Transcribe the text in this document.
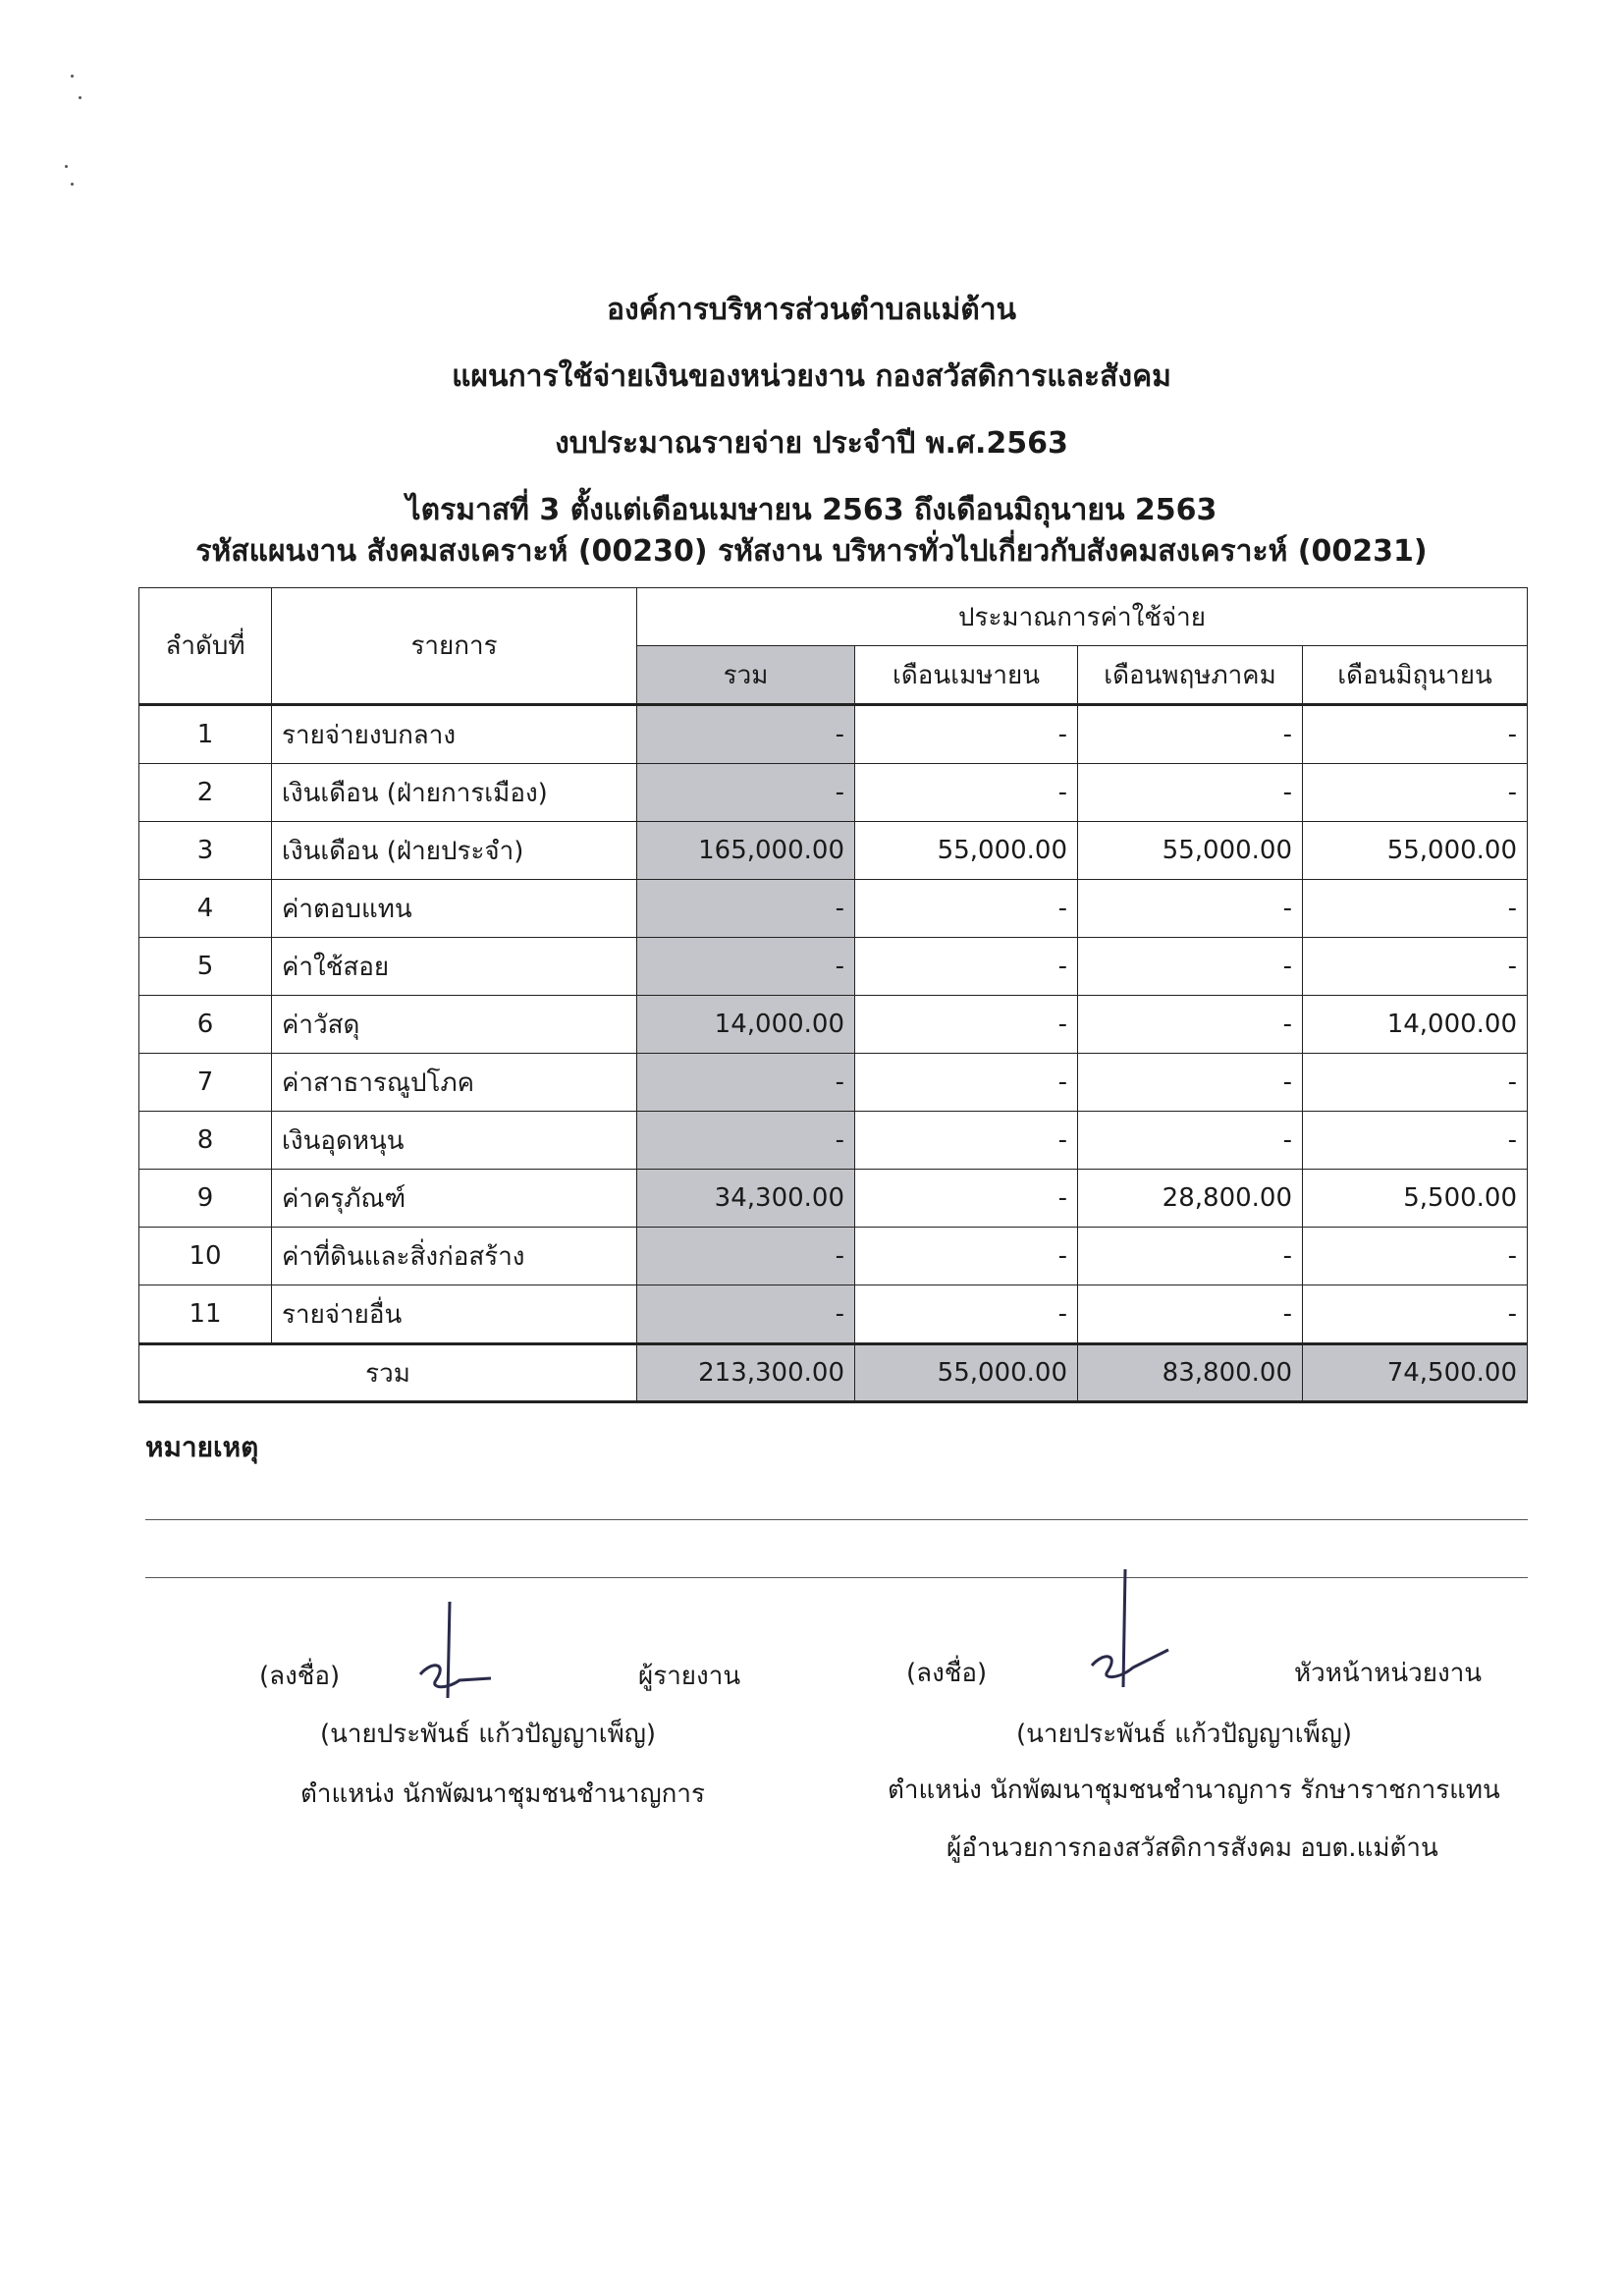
องค์การบริหารส่วนตำบลแม่ต้าน
แผนการใช้จ่ายเงินของหน่วยงาน กองสวัสดิการและสังคม
งบประมาณรายจ่าย ประจำปี พ.ศ.2563
ไตรมาสที่ 3 ตั้งแต่เดือนเมษายน 2563 ถึงเดือนมิถุนายน 2563
รหัสแผนงาน สังคมสงเคราะห์ (00230) รหัสงาน บริหารทั่วไปเกี่ยวกับสังคมสงเคราะห์ (00231)
ลำดับที่	รายการ	ประมาณการค่าใช้จ่าย			
		รวม	เดือนเมษายน	เดือนพฤษภาคม	เดือนมิถุนายน
1	รายจ่ายงบกลาง	-	-	-	-
2	เงินเดือน (ฝ่ายการเมือง)	-	-	-	-
3	เงินเดือน (ฝ่ายประจำ)	165,000.00	55,000.00	55,000.00	55,000.00
4	ค่าตอบแทน	-	-	-	-
5	ค่าใช้สอย	-	-	-	-
6	ค่าวัสดุ	14,000.00	-	-	14,000.00
7	ค่าสาธารณูปโภค	-	-	-	-
8	เงินอุดหนุน	-	-	-	-
9	ค่าครุภัณฑ์	34,300.00	-	28,800.00	5,500.00
10	ค่าที่ดินและสิ่งก่อสร้าง	-	-	-	-
11	รายจ่ายอื่น	-	-	-	-
รวม		213,300.00	55,000.00	83,800.00	74,500.00
หมายเหตุ
(ลงชื่อ)	ผู้รายงาน
(นายประพันธ์ แก้วปัญญาเพ็ญ)
ตำแหน่ง นักพัฒนาชุมชนชำนาญการ
(ลงชื่อ)	หัวหน้าหน่วยงาน
(นายประพันธ์ แก้วปัญญาเพ็ญ)
ตำแหน่ง นักพัฒนาชุมชนชำนาญการ รักษาราชการแทน
ผู้อำนวยการกองสวัสดิการสังคม อบต.แม่ต้าน
